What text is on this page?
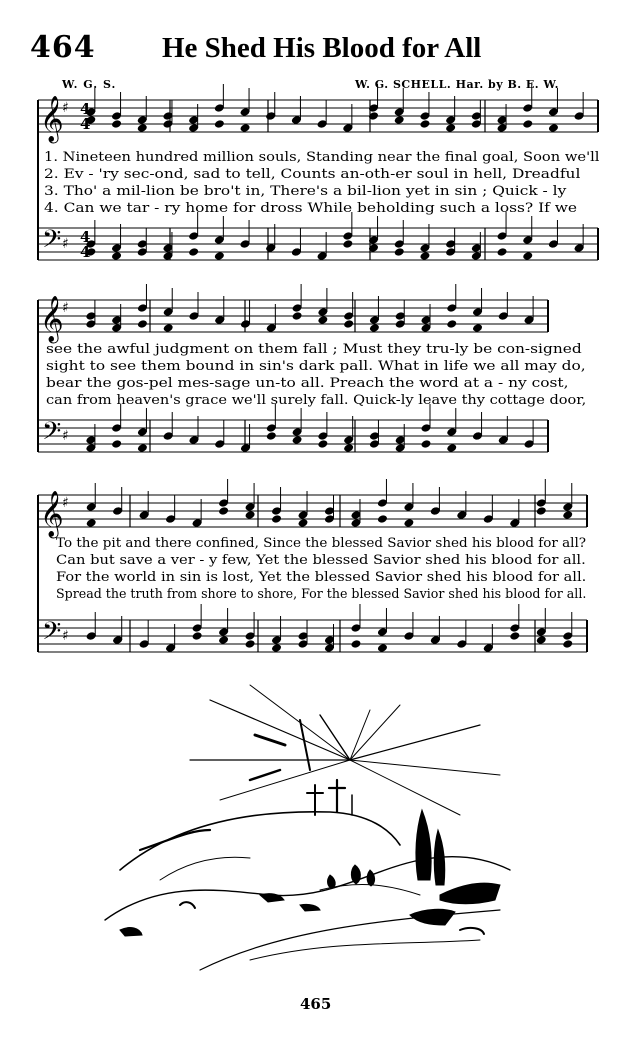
464 He Shed His Blood for All
W. G. S.	W. G. SCHELL. Har. by B. E. W.
𝄞
𝄢
♯
♯
𝄞
𝄢
♯
♯
𝄞
𝄢
♯
♯
4
4
4
4
1. Nineteen hundred million souls, Standing near the final goal, Soon we'll
2. Ev - 'ry sec-ond, sad to tell, Counts an-oth-er soul in hell, Dreadful
3. Tho' a mil-lion be bro't in, There's a bil-lion yet in sin ; Quick - ly
4. Can we tar - ry home for dross While beholding such a loss? If we
see the awful judgment on them fall ; Must they tru-ly be con-signed
sight to see them bound in sin's dark pall. What in life we all may do,
bear the gos-pel mes-sage un-to all. Preach the word at a - ny cost,
can from heaven's grace we'll surely fall. Quick-ly leave thy cottage door,
To the pit and there confined, Since the blessed Savior shed his blood for all?
Can but save a ver - y few, Yet the blessed Savior shed his blood for all.
For the world in sin is lost, Yet the blessed Savior shed his blood for all.
Spread the truth from shore to shore, For the blessed Savior shed his blood for all.
465
